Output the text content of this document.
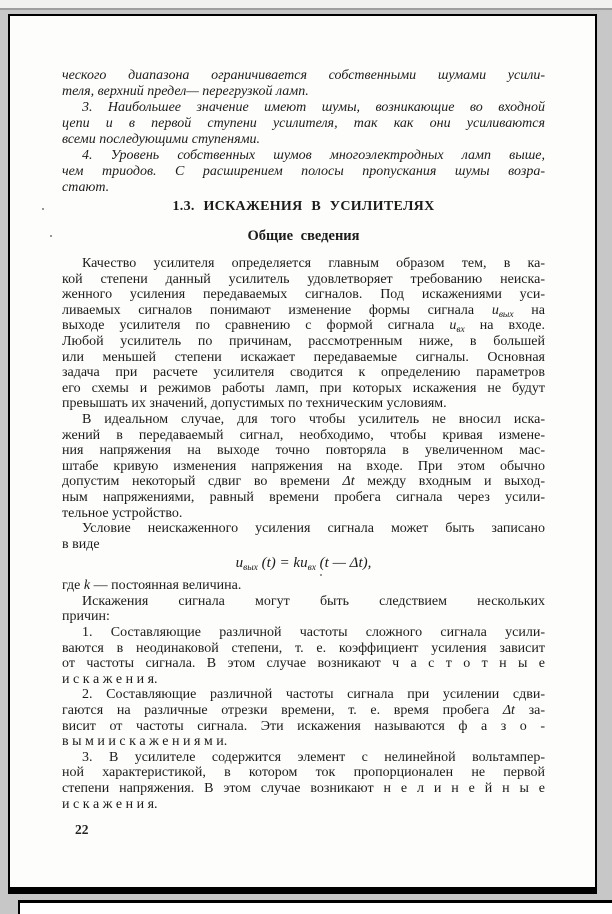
ческого диапазона ограничивается собственными шумами усили-
теля, верхний предел— перегрузкой ламп.
3. Наибольшее значение имеют шумы, возникающие во входной
цепи и в первой ступени усилителя, так как они усиливаются
всеми последующими ступенями.
4. Уровень собственных шумов многоэлектродных ламп выше,
чем триодов. С расширением полосы пропускания шумы возра-
стают.
1.3. ИСКАЖЕНИЯ В УСИЛИТЕЛЯХ
Общие сведения
Качество усилителя определяется главным образом тем, в ка-
кой степени данный усилитель удовлетворяет требованию неиска-
женного усиления передаваемых сигналов. Под искажениями уси-
ливаемых сигналов понимают изменение формы сигнала $u_{вых}$ на
выходе усилителя по сравнению с формой сигнала $u_{вх}$ на входе.
Любой усилитель по причинам, рассмотренным ниже, в большей
или меньшей степени искажает передаваемые сигналы. Основная
задача при расчете усилителя сводится к определению параметров
его схемы и режимов работы ламп, при которых искажения не будут
превышать их значений, допустимых по техническим условиям.
В идеальном случае, для того чтобы усилитель не вносил иска-
жений в передаваемый сигнал, необходимо, чтобы кривая измене-
ния напряжения на выходе точно повторяла в увеличенном мас-
штабе кривую изменения напряжения на входе. При этом обычно
допустим некоторый сдвиг во времени Δt между входным и выход-
ным напряжениями, равный времени пробега сигнала через усили-
тельное устройство.
Условие неискаженного усиления сигнала может быть записано
в виде
$u_{вых}$ $(t) = ku_{вх}$ (t — Δt),
где k — постоянная величина.
Искажения сигнала могут быть следствием нескольких
причин:
1. Составляющие различной частоты сложного сигнала усили-
ваются в неодинаковой степени, т. е. коэффициент усиления зависит
от частоты сигнала. В этом случае возникают ч а с т о т н ы е
и с к а ж е н и я.
2. Составляющие различной частоты сигнала при усилении сдви-
гаются на различные отрезки времени, т. е. время пробега Δt за-
висит от частоты сигнала. Эти искажения называются ф а з о -
в ы м и и с к а ж е н и я м и.
3. В усилителе содержится элемент с нелинейной вольтампер-
ной характеристикой, в котором ток пропорционален не первой
степени напряжения. В этом случае возникают н е л и н е й н ы е
и с к а ж е н и я.
22
